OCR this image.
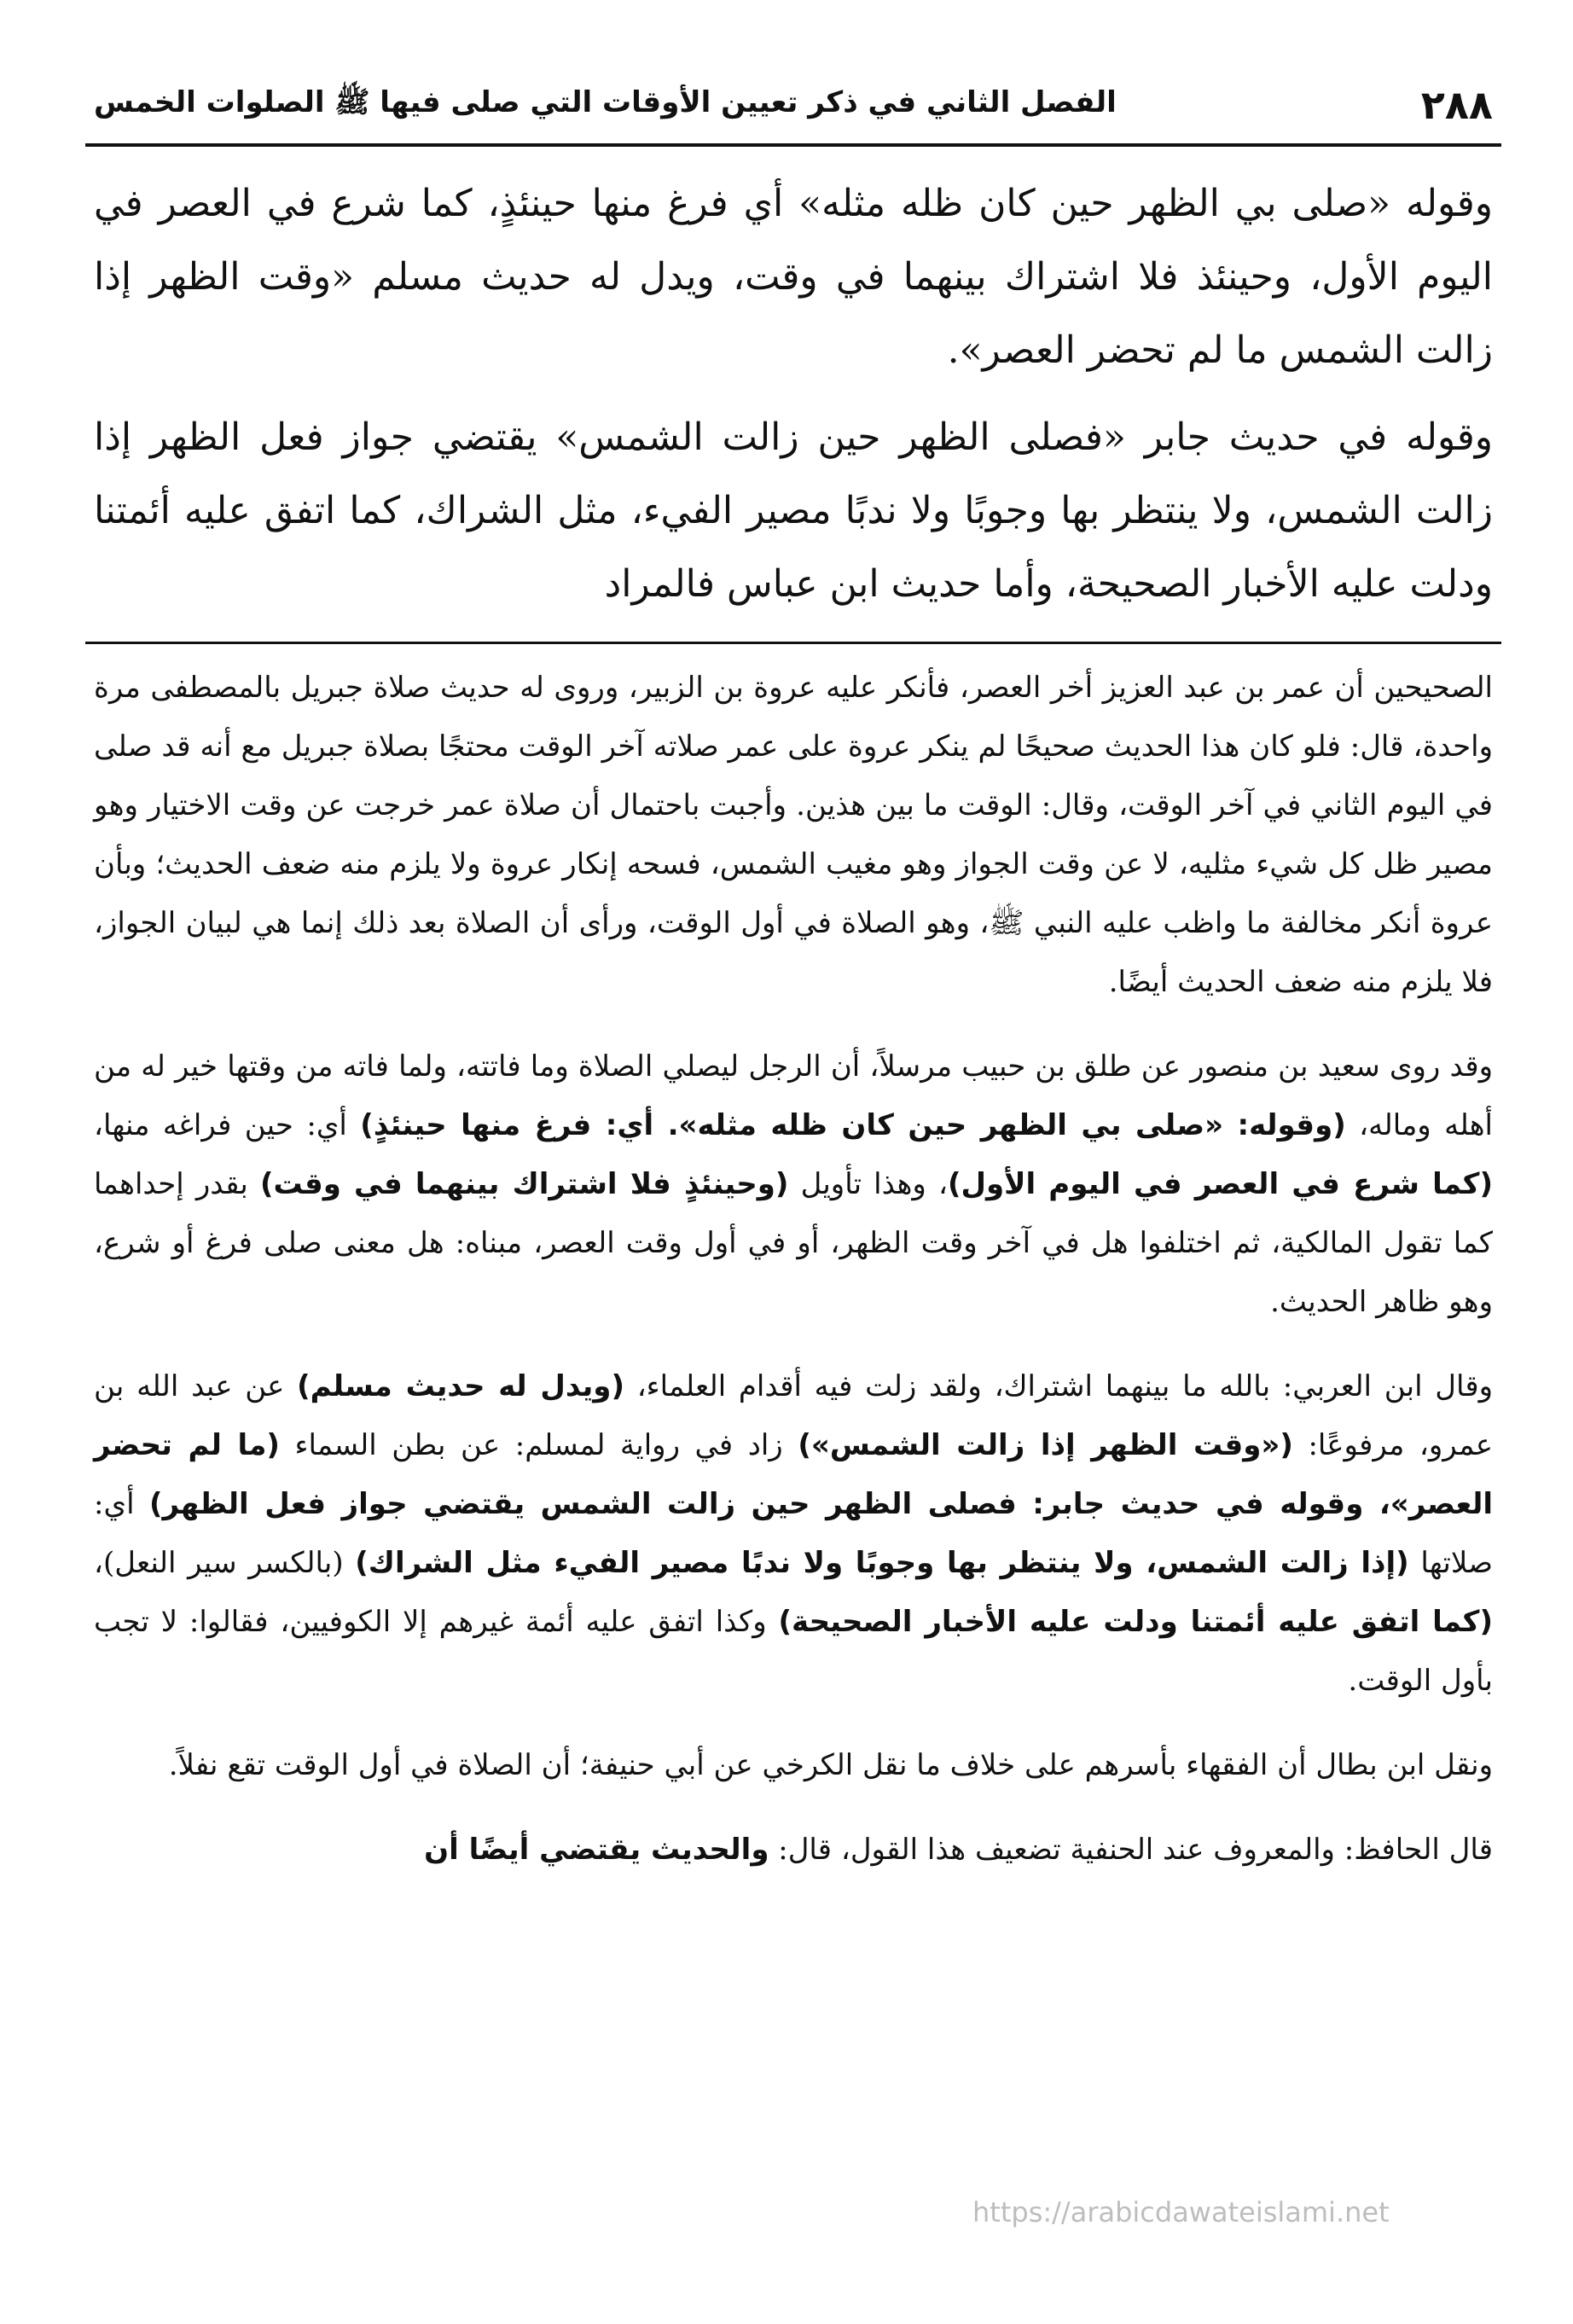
٢٨٨
الفصل الثاني في ذكر تعيين الأوقات التي صلى فيها ﷺ الصلوات الخمس

وقوله «صلى بي الظهر حين كان ظله مثله» أي فرغ منها حينئذٍ، كما شرع في العصر في اليوم الأول، وحينئذ فلا اشتراك بينهما في وقت، ويدل له حديث مسلم «وقت الظهر إذا زالت الشمس ما لم تحضر العصر».

وقوله في حديث جابر «فصلى الظهر حين زالت الشمس» يقتضي جواز فعل الظهر إذا زالت الشمس، ولا ينتظر بها وجوبًا ولا ندبًا مصير الفيء، مثل الشراك، كما اتفق عليه أئمتنا ودلت عليه الأخبار الصحيحة، وأما حديث ابن عباس فالمراد

الصحيحين أن عمر بن عبد العزيز أخر العصر، فأنكر عليه عروة بن الزبير، وروى له حديث صلاة جبريل بالمصطفى مرة واحدة، قال: فلو كان هذا الحديث صحيحًا لم ينكر عروة على عمر صلاته آخر الوقت محتجًا بصلاة جبريل مع أنه قد صلى في اليوم الثاني في آخر الوقت، وقال: الوقت ما بين هذين. وأجبت باحتمال أن صلاة عمر خرجت عن وقت الاختيار وهو مصير ظل كل شيء مثليه، لا عن وقت الجواز وهو مغيب الشمس، فسحه إنكار عروة ولا يلزم منه ضعف الحديث؛ وبأن عروة أنكر مخالفة ما واظب عليه النبي ﷺ، وهو الصلاة في أول الوقت، ورأى أن الصلاة بعد ذلك إنما هي لبيان الجواز، فلا يلزم منه ضعف الحديث أيضًا.

وقد روى سعيد بن منصور عن طلق بن حبيب مرسلاً، أن الرجل ليصلي الصلاة وما فاتته، ولما فاته من وقتها خير له من أهله وماله، (وقوله: «صلى بي الظهر حين كان ظله مثله». أي: فرغ منها حينئذٍ) أي: حين فراغه منها، (كما شرع في العصر في اليوم الأول)، وهذا تأويل (وحينئذٍ فلا اشتراك بينهما في وقت) بقدر إحداهما كما تقول المالكية، ثم اختلفوا هل في آخر وقت الظهر، أو في أول وقت العصر، مبناه: هل معنى صلى فرغ أو شرع، وهو ظاهر الحديث.

وقال ابن العربي: بالله ما بينهما اشتراك، ولقد زلت فيه أقدام العلماء، (ويدل له حديث مسلم) عن عبد الله بن عمرو، مرفوعًا: («وقت الظهر إذا زالت الشمس») زاد في رواية لمسلم: عن بطن السماء (ما لم تحضر العصر»، وقوله في حديث جابر: فصلى الظهر حين زالت الشمس يقتضي جواز فعل الظهر) أي: صلاتها (إذا زالت الشمس، ولا ينتظر بها وجوبًا ولا ندبًا مصير الفيء مثل الشراك) (بالكسر سير النعل)، (كما اتفق عليه أئمتنا ودلت عليه الأخبار الصحيحة) وكذا اتفق عليه أئمة غيرهم إلا الكوفيين، فقالوا: لا تجب بأول الوقت.

ونقل ابن بطال أن الفقهاء بأسرهم على خلاف ما نقل الكرخي عن أبي حنيفة؛ أن الصلاة في أول الوقت تقع نفلاً.

قال الحافظ: والمعروف عند الحنفية تضعيف هذا القول، قال: والحديث يقتضي أيضًا أن

https://arabicdawateislami.net
